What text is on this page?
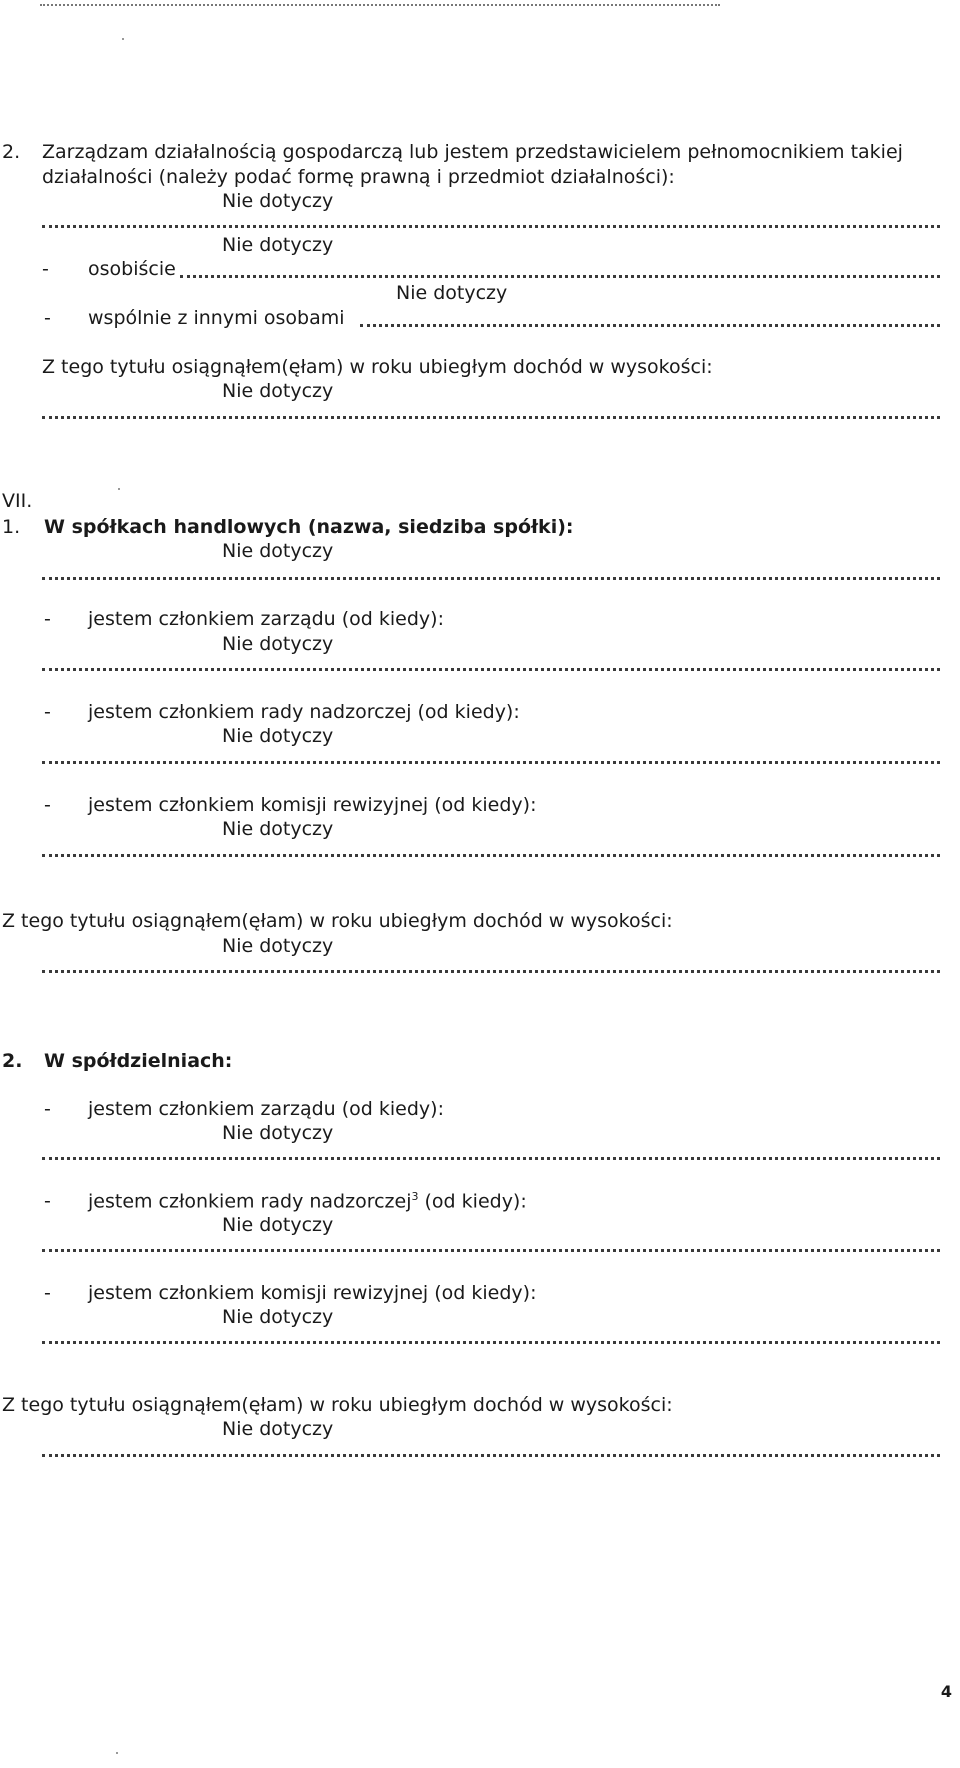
2. Zarządzam działalnością gospodarczą lub jestem przedstawicielem pełnomocnikiem takiej
działalności (należy podać formę prawną i przedmiot działalności):
Nie dotyczy
Nie dotyczy
- osobiście
Nie dotyczy
- wspólnie z innymi osobami
Z tego tytułu osiągnąłem(ęłam) w roku ubiegłym dochód w wysokości:
Nie dotyczy
VII.
1. W spółkach handlowych (nazwa, siedziba spółki):
Nie dotyczy
- jestem członkiem zarządu (od kiedy):
Nie dotyczy
- jestem członkiem rady nadzorczej (od kiedy):
Nie dotyczy
- jestem członkiem komisji rewizyjnej (od kiedy):
Nie dotyczy
Z tego tytułu osiągnąłem(ęłam) w roku ubiegłym dochód w wysokości:
Nie dotyczy
2. W spółdzielniach:
- jestem członkiem zarządu (od kiedy):
Nie dotyczy
- jestem członkiem rady nadzorczej$^3$ (od kiedy):
Nie dotyczy
- jestem członkiem komisji rewizyjnej (od kiedy):
Nie dotyczy
Z tego tytułu osiągnąłem(ęłam) w roku ubiegłym dochód w wysokości:
Nie dotyczy
4
